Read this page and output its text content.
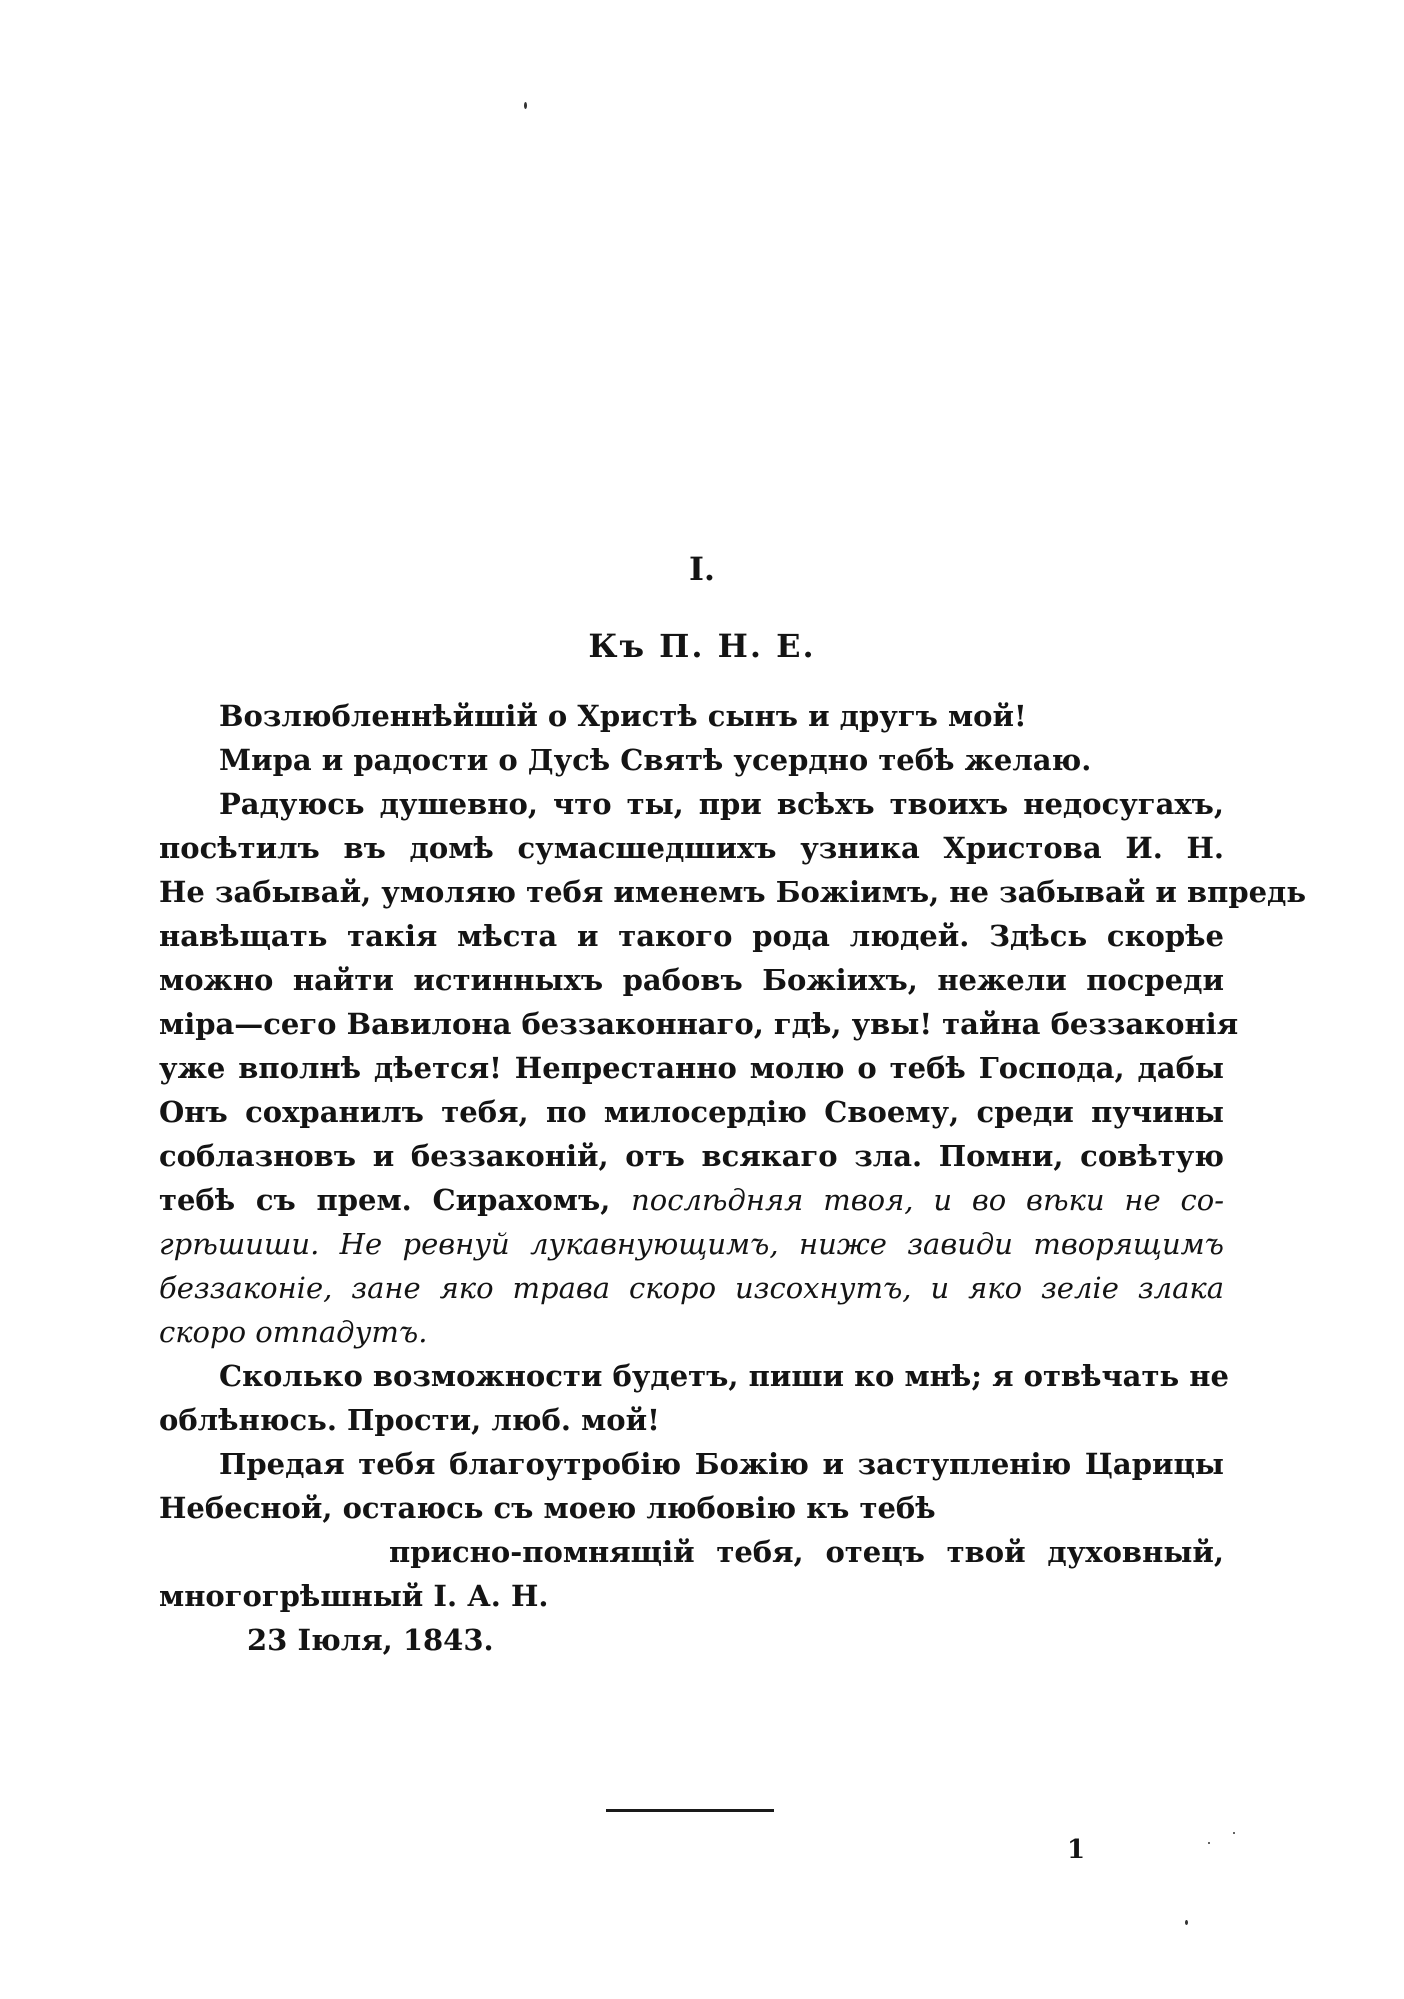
I.
Къ П. Н. Е.
Возлюбленнѣйшій о Христѣ сынъ и другъ мой!
Мира и радости о Дусѣ Святѣ усердно тебѣ желаю.
Радуюсь душевно, что ты, при всѣхъ твоихъ недосугахъ,
посѣтилъ въ домѣ сумасшедшихъ узника Христова И. Н.
Не забывай, умоляю тебя именемъ Божіимъ, не забывай и впредь
навѣщать такія мѣста и такого рода людей. Здѣсь скорѣе
можно найти истинныхъ рабовъ Божіихъ, нежели посреди
міра—сего Вавилона беззаконнаго, гдѣ, увы! тайна беззаконія
уже вполнѣ дѣется! Непрестанно молю о тебѣ Господа, дабы
Онъ сохранилъ тебя, по милосердію Своему, среди пучины
соблазновъ и беззаконій, отъ всякаго зла. Помни, совѣтую
тебѣ съ прем. Сирахомъ, послѣдняя твоя, и во вѣки не со-
грѣшиши. Не ревнуй лукавнующимъ, ниже завиди творящимъ
беззаконіе, зане яко трава скоро изсохнутъ, и яко зеліе злака
скоро отпадутъ.
Сколько возможности будетъ, пиши ко мнѣ; я отвѣчать не
облѣнюсь. Прости, люб. мой!
Предая тебя благоутробію Божію и заступленію Царицы
Небесной, остаюсь съ моею любовію къ тебѣ
присно-помнящій тебя, отецъ твой духовный,
многогрѣшный І. А. Н.
23 Іюля, 1843.
1
